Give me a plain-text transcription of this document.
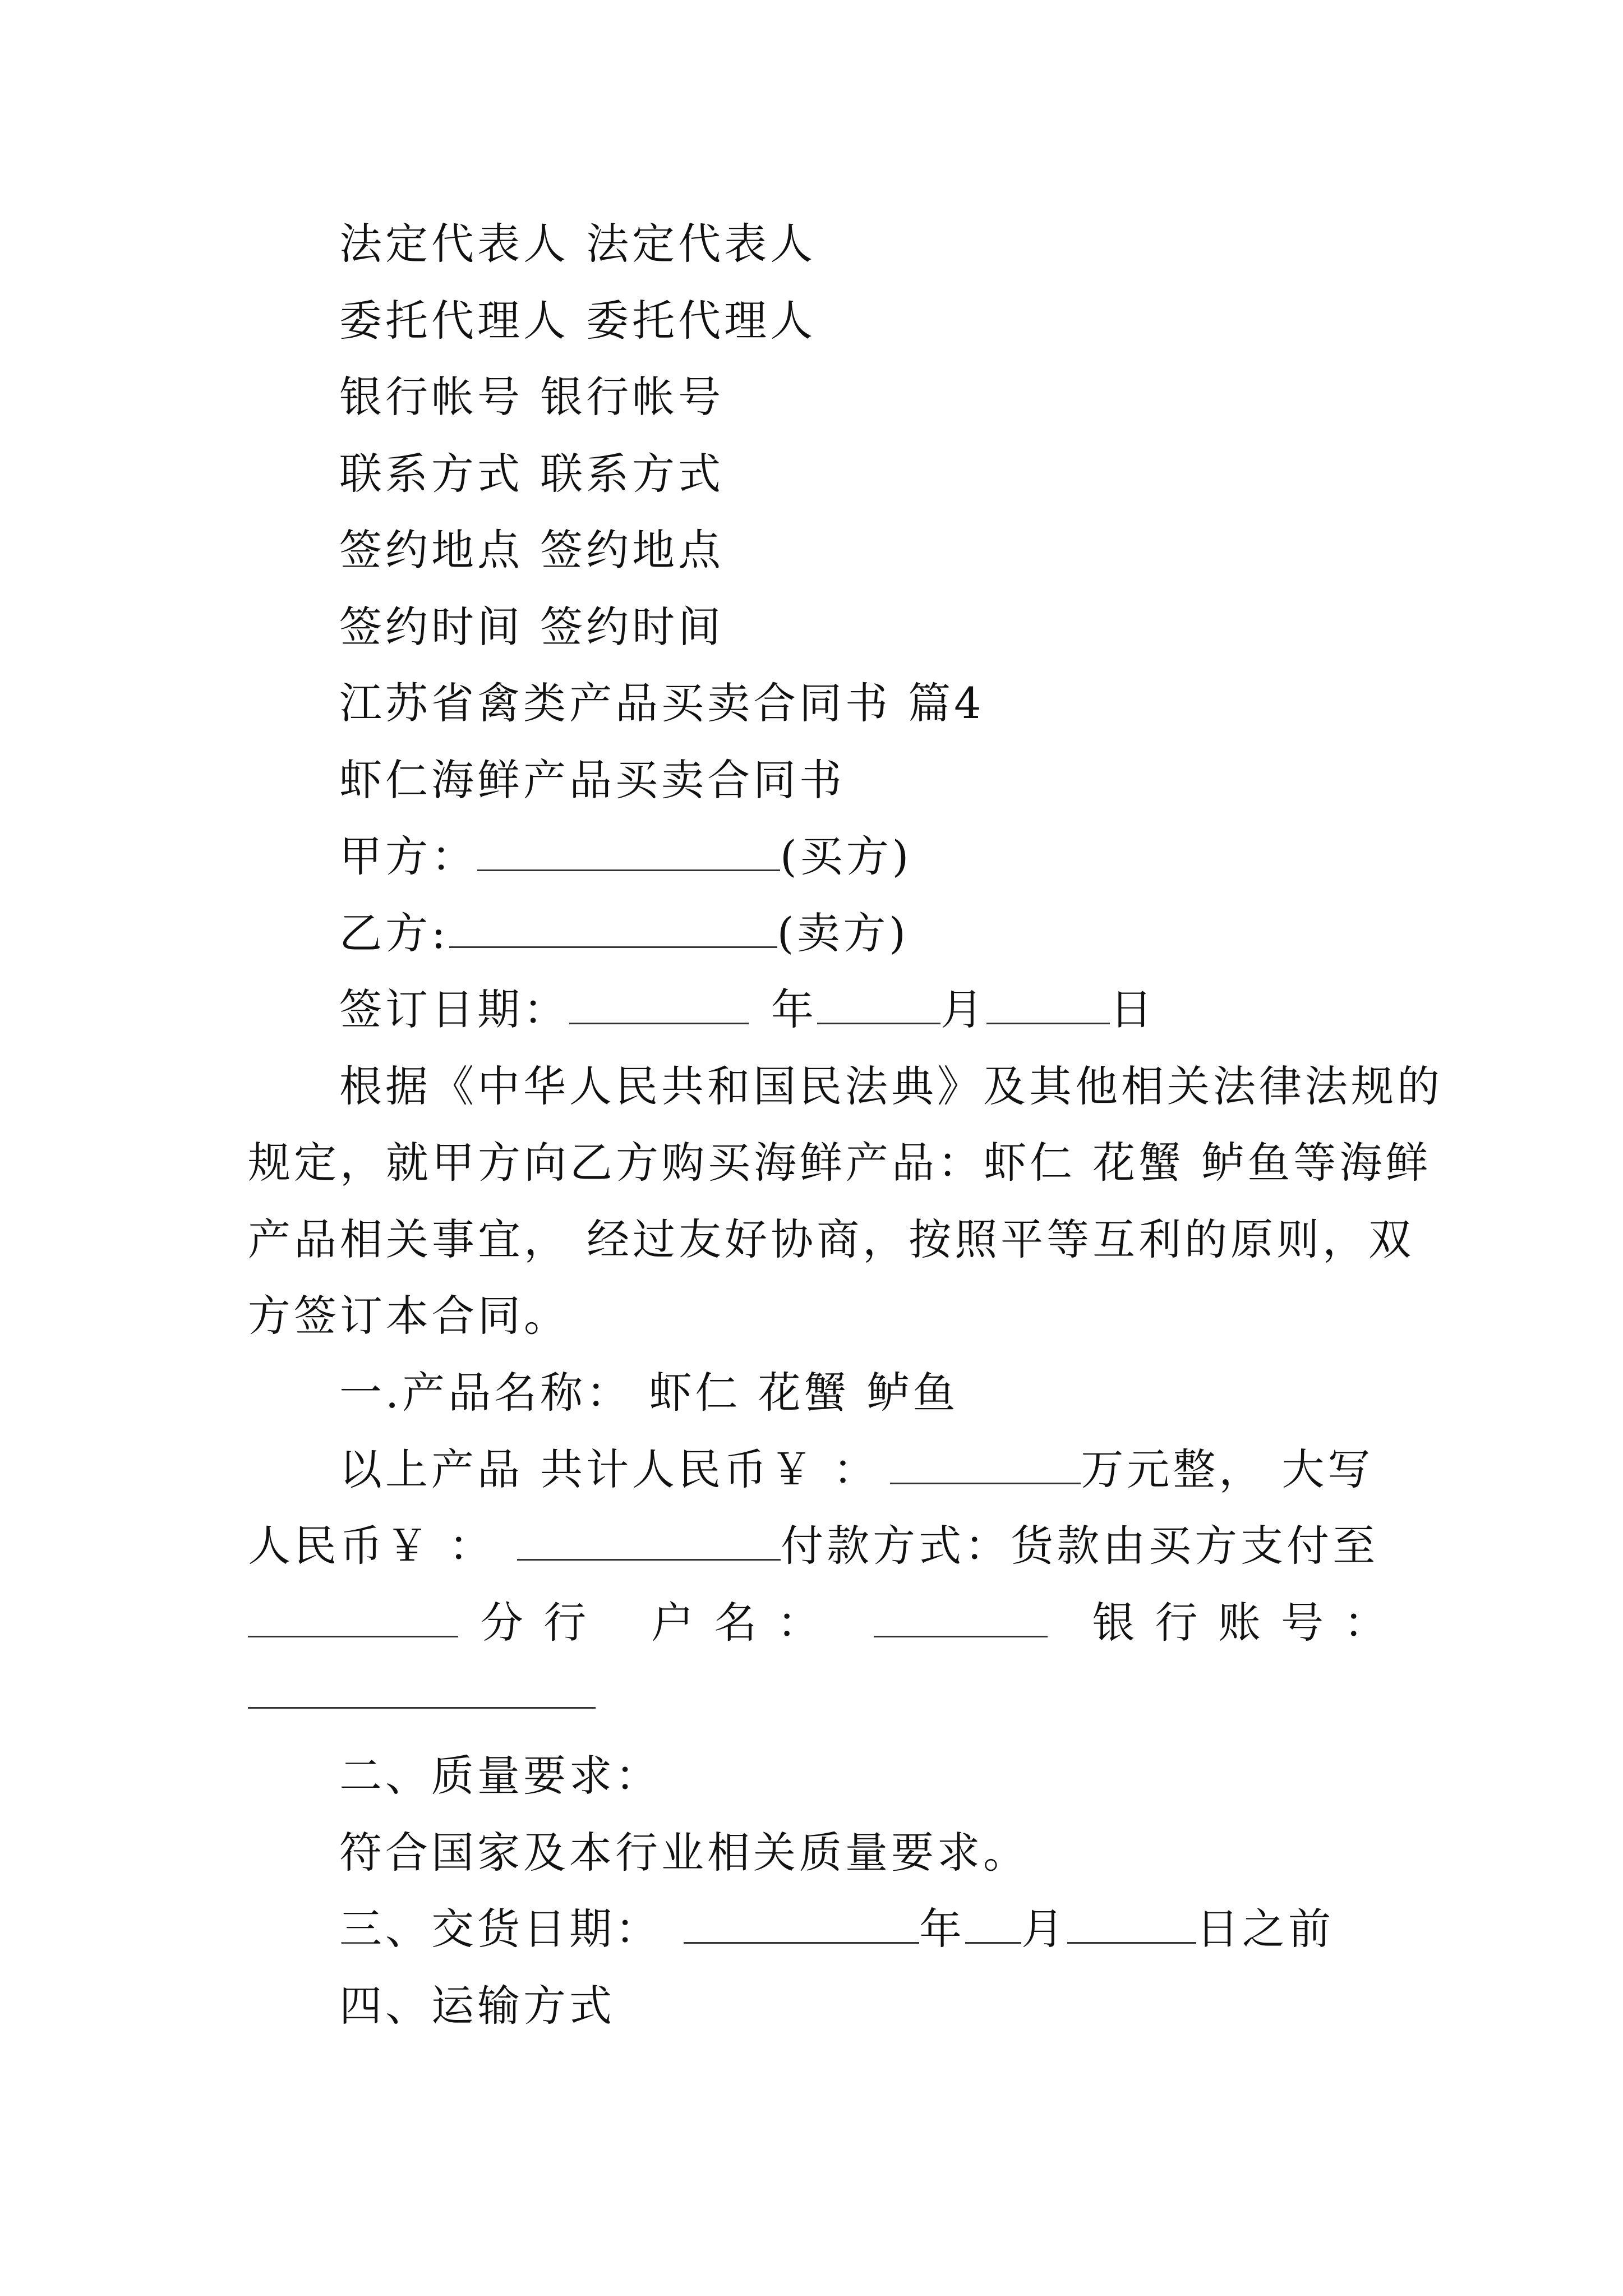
法定代表人 法定代表人
委托代理人 委托代理人
银行帐号 银行帐号
联系方式 联系方式
签约地点 签约地点
签约时间 签约时间
江苏省禽类产品买卖合同书 篇4
虾仁海鲜产品买卖合同书
甲方：	(买方)
乙方:	(卖方)
签订日期：	年	月	日
根据《中华人民共和国民法典》及其他相关法律法规的
规定，就甲方向乙方购买海鲜产品：虾仁 花蟹 鲈鱼等海鲜
产品相关事宜， 经过友好协商，按照平等互利的原则，双
方签订本合同。
一.产品名称： 虾仁 花蟹 鲈鱼
以上产品 共计人民币￥ ：	万元整， 大写
人民币￥ ：	付款方式：货款由买方支付至
分 行 户 名 ：	银 行 账 号 ：
二、质量要求：
符合国家及本行业相关质量要求。
三、交货日期：	年 月	日之前
四、运输方式
